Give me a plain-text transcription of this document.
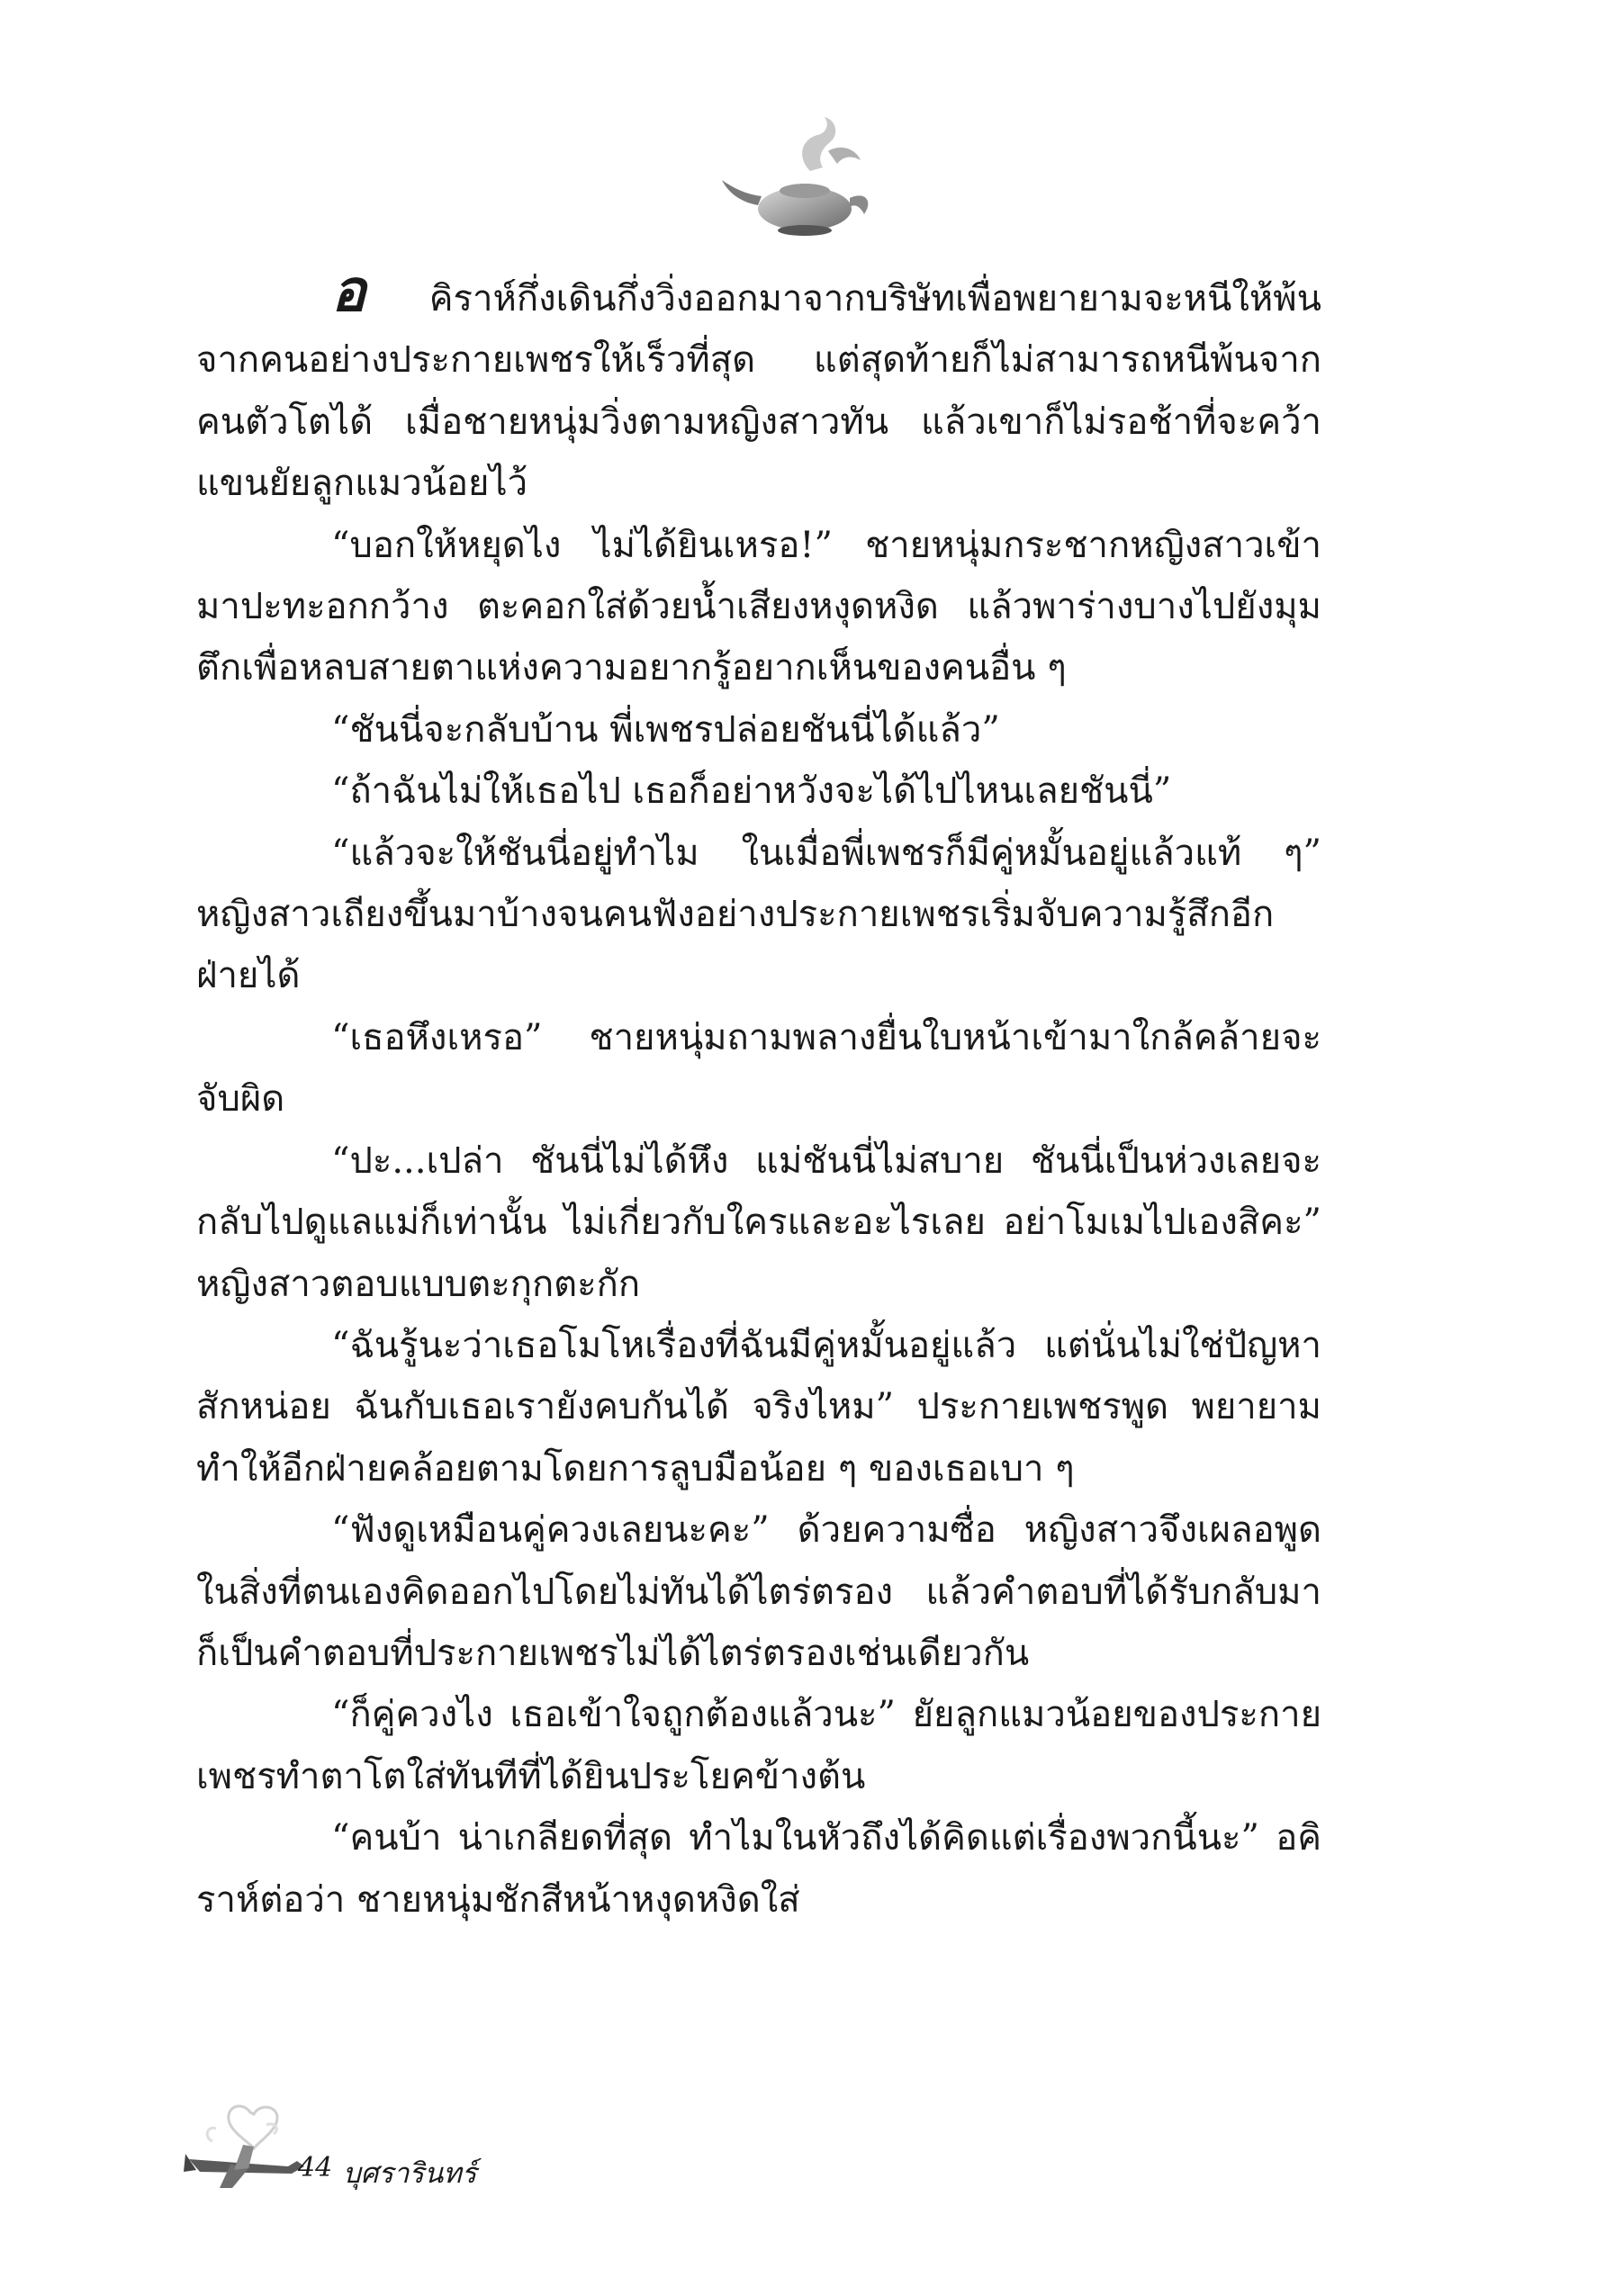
อ คิราห์กึ่งเดินกึ่งวิ่งออกมาจากบริษัทเพื่อพยายามจะหนีให้พ้นจากคนอย่างประกายเพชรให้เร็วที่สุด แต่สุดท้ายก็ไม่สามารถหนีพ้นจากคนตัวโตได้ เมื่อชายหนุ่มวิ่งตามหญิงสาวทัน แล้วเขาก็ไม่รอช้าที่จะคว้าแขนยัยลูกแมวน้อยไว้

“บอกให้หยุดไง ไม่ได้ยินเหรอ!” ชายหนุ่มกระชากหญิงสาวเข้ามาปะทะอกกว้าง ตะคอกใส่ด้วยน้ำเสียงหงุดหงิด แล้วพาร่างบางไปยังมุมตึกเพื่อหลบสายตาแห่งความอยากรู้อยากเห็นของคนอื่น ๆ

“ชันนี่จะกลับบ้าน พี่เพชรปล่อยชันนี่ได้แล้ว”

“ถ้าฉันไม่ให้เธอไป เธอก็อย่าหวังจะได้ไปไหนเลยชันนี่”

“แล้วจะให้ชันนี่อยู่ทำไม ในเมื่อพี่เพชรก็มีคู่หมั้นอยู่แล้วแท้ ๆ” หญิงสาวเถียงขึ้นมาบ้างจนคนฟังอย่างประกายเพชรเริ่มจับความรู้สึกอีกฝ่ายได้

“เธอหึงเหรอ” ชายหนุ่มถามพลางยื่นใบหน้าเข้ามาใกล้คล้ายจะจับผิด

“ปะ...เปล่า ชันนี่ไม่ได้หึง แม่ชันนี่ไม่สบาย ชันนี่เป็นห่วงเลยจะกลับไปดูแลแม่ก็เท่านั้น ไม่เกี่ยวกับใครและอะไรเลย อย่าโมเมไปเองสิคะ” หญิงสาวตอบแบบตะกุกตะกัก

“ฉันรู้นะว่าเธอโมโหเรื่องที่ฉันมีคู่หมั้นอยู่แล้ว แต่นั่นไม่ใช่ปัญหาสักหน่อย ฉันกับเธอเรายังคบกันได้ จริงไหม” ประกายเพชรพูด พยายามทำให้อีกฝ่ายคล้อยตามโดยการลูบมือน้อย ๆ ของเธอเบา ๆ

“ฟังดูเหมือนคู่ควงเลยนะคะ” ด้วยความซื่อ หญิงสาวจึงเผลอพูดในสิ่งที่ตนเองคิดออกไปโดยไม่ทันได้ไตร่ตรอง แล้วคำตอบที่ได้รับกลับมาก็เป็นคำตอบที่ประกายเพชรไม่ได้ไตร่ตรองเช่นเดียวกัน

“ก็คู่ควงไง เธอเข้าใจถูกต้องแล้วนะ” ยัยลูกแมวน้อยของประกายเพชรทำตาโตใส่ทันทีที่ได้ยินประโยคข้างต้น

“คนบ้า น่าเกลียดที่สุด ทำไมในหัวถึงได้คิดแต่เรื่องพวกนี้นะ” อคิราห์ต่อว่า ชายหนุ่มชักสีหน้าหงุดหงิดใส่

44 บุศรารินทร์
